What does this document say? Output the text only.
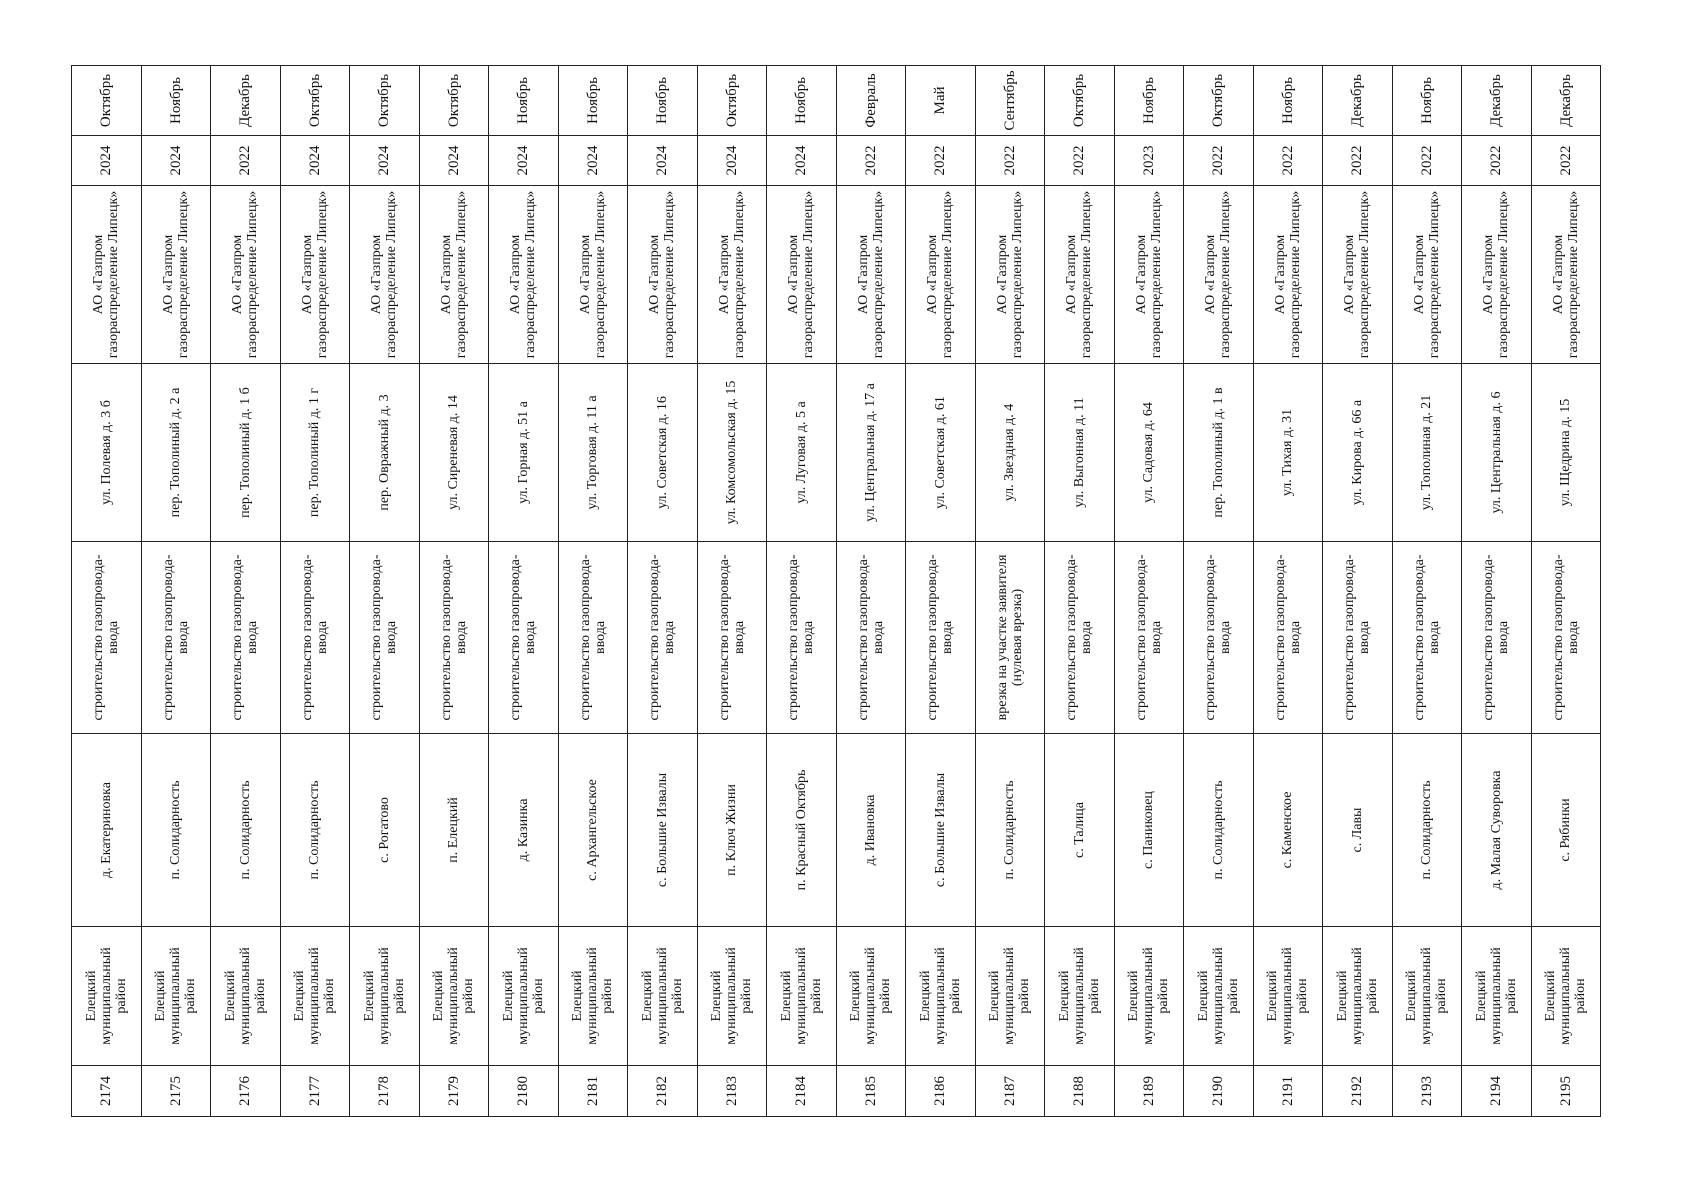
2174	Елецкий муниципальный район	д. Екатериновка	строительство газопровода-ввода	ул. Полевая д. 3 б	АО «Газпром газораспределение Липецк»	2024	Октябрь
2175	Елецкий муниципальный район	п. Солидарность	строительство газопровода-ввода	пер. Тополиный д. 2 а	АО «Газпром газораспределение Липецк»	2024	Ноябрь
2176	Елецкий муниципальный район	п. Солидарность	строительство газопровода-ввода	пер. Тополиный д. 1 б	АО «Газпром газораспределение Липецк»	2022	Декабрь
2177	Елецкий муниципальный район	п. Солидарность	строительство газопровода-ввода	пер. Тополиный д. 1 г	АО «Газпром газораспределение Липецк»	2024	Октябрь
2178	Елецкий муниципальный район	с. Рогатово	строительство газопровода-ввода	пер. Овражный д. 3	АО «Газпром газораспределение Липецк»	2024	Октябрь
2179	Елецкий муниципальный район	п. Елецкий	строительство газопровода-ввода	ул. Сиреневая д. 14	АО «Газпром газораспределение Липецк»	2024	Октябрь
2180	Елецкий муниципальный район	д. Казинка	строительство газопровода-ввода	ул. Горная д. 51 а	АО «Газпром газораспределение Липецк»	2024	Ноябрь
2181	Елецкий муниципальный район	с. Архангельское	строительство газопровода-ввода	ул. Торговая д. 11 а	АО «Газпром газораспределение Липецк»	2024	Ноябрь
2182	Елецкий муниципальный район	с. Большие Извалы	строительство газопровода-ввода	ул. Советская д. 16	АО «Газпром газораспределение Липецк»	2024	Ноябрь
2183	Елецкий муниципальный район	п. Ключ Жизни	строительство газопровода-ввода	ул. Комсомольская д. 15	АО «Газпром газораспределение Липецк»	2024	Октябрь
2184	Елецкий муниципальный район	п. Красный Октябрь	строительство газопровода-ввода	ул. Луговая д. 5 а	АО «Газпром газораспределение Липецк»	2024	Ноябрь
2185	Елецкий муниципальный район	д. Ивановка	строительство газопровода-ввода	ул. Центральная д. 17 а	АО «Газпром газораспределение Липецк»	2022	Февраль
2186	Елецкий муниципальный район	с. Большие Извалы	строительство газопровода-ввода	ул. Советская д. 61	АО «Газпром газораспределение Липецк»	2022	Май
2187	Елецкий муниципальный район	п. Солидарность	врезка на участке заявителя (нулевая врезка)	ул. Звездная д. 4	АО «Газпром газораспределение Липецк»	2022	Сентябрь
2188	Елецкий муниципальный район	с. Талица	строительство газопровода-ввода	ул. Выгонная д. 11	АО «Газпром газораспределение Липецк»	2022	Октябрь
2189	Елецкий муниципальный район	с. Паниковец	строительство газопровода-ввода	ул. Садовая д. 64	АО «Газпром газораспределение Липецк»	2023	Ноябрь
2190	Елецкий муниципальный район	п. Солидарность	строительство газопровода-ввода	пер. Тополиный д. 1 в	АО «Газпром газораспределение Липецк»	2022	Октябрь
2191	Елецкий муниципальный район	с. Каменское	строительство газопровода-ввода	ул. Тихая д. 31	АО «Газпром газораспределение Липецк»	2022	Ноябрь
2192	Елецкий муниципальный район	с. Лавы	строительство газопровода-ввода	ул. Кирова д. 66 а	АО «Газпром газораспределение Липецк»	2022	Декабрь
2193	Елецкий муниципальный район	п. Солидарность	строительство газопровода-ввода	ул. Тополиная д. 21	АО «Газпром газораспределение Липецк»	2022	Ноябрь
2194	Елецкий муниципальный район	д. Малая Суворовка	строительство газопровода-ввода	ул. Центральная д. 6	АО «Газпром газораспределение Липецк»	2022	Декабрь
2195	Елецкий муниципальный район	с. Рябинки	строительство газопровода-ввода	ул. Щедрина д. 15	АО «Газпром газораспределение Липецк»	2022	Декабрь
